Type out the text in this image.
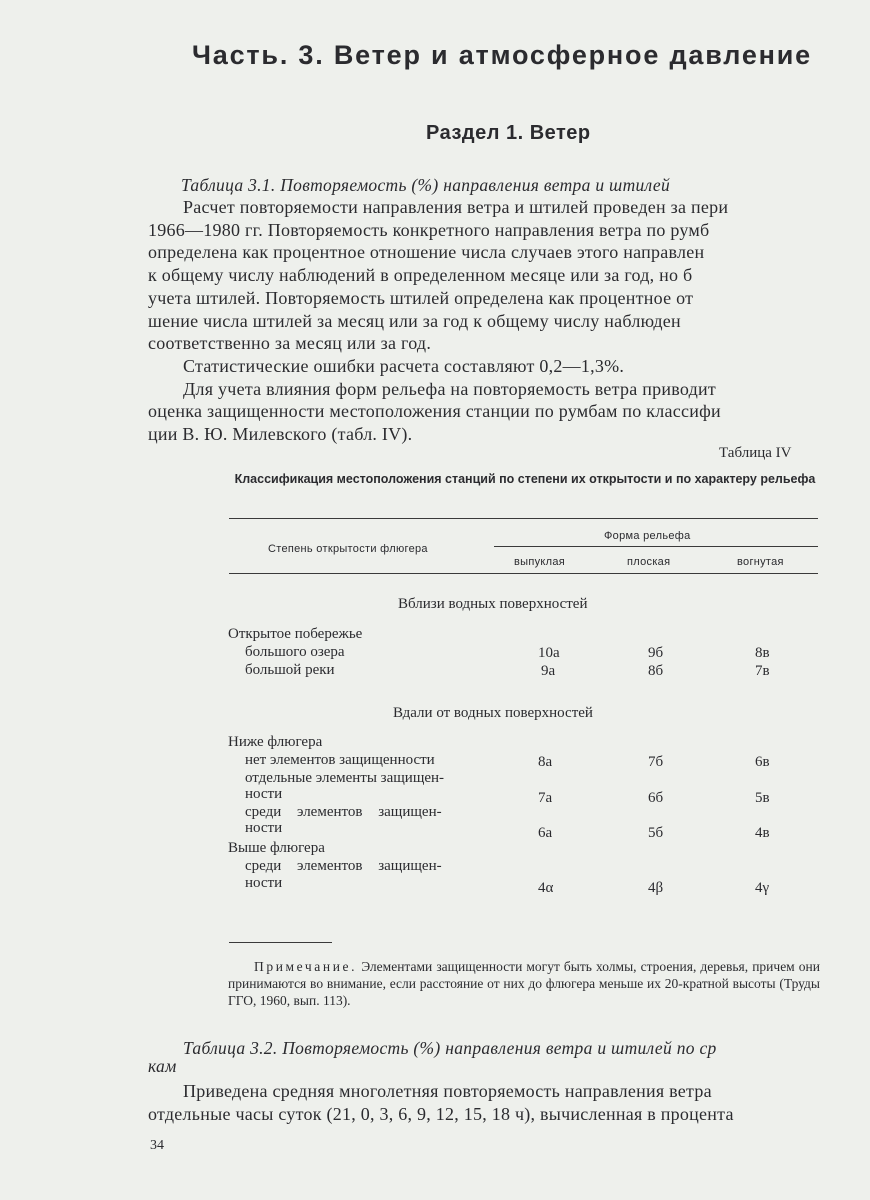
Часть. 3. Ветер и атмосферное давление
Раздел 1. Ветер
Таблица 3.1. Повторяемость (%) направления ветра и штилей
Расчет повторяемости направления ветра и штилей проведен за пери
1966—1980 гг. Повторяемость конкретного направления ветра по румб
определена как процентное отношение числа случаев этого направлен
к общему числу наблюдений в определенном месяце или за год, но б
учета штилей. Повторяемость штилей определена как процентное от
шение числа штилей за месяц или за год к общему числу наблюден
соответственно за месяц или за год.
Статистические ошибки расчета составляют 0,2—1,3%.
Для учета влияния форм рельефа на повторяемость ветра приводит
оценка защищенности местоположения станции по румбам по классифи
ции В. Ю. Милевского (табл. IV).
Таблица IV
Классификация местоположения станций по степени их открытости и по характеру рельефа
Степень открытости флюгера
Форма рельефа
выпуклая	плоская	вогнутая
Вблизи водных поверхностей
Открытое побережье
большого озера	10а	9б	8в
большой реки	9а	8б	7в
Вдали от водных поверхностей
Ниже флюгера
нет элементов защищенности	8а	7б	6в
отдельные элементы защищен-
ности	7а	6б	5в
среди элементов защищен-
ности	6а	5б	4в
Выше флюгера
среди элементов защищен-
ности	4α	4β	4γ
Примечание. Элементами защищенности могут быть холмы, строения, деревья, причем они принимаются во внимание, если расстояние от них до флюгера меньше их 20-кратной высоты (Труды ГГО, 1960, вып. 113).
Таблица 3.2. Повторяемость (%) направления ветра и штилей по ср
кам
Приведена средняя многолетняя повторяемость направления ветра
отдельные часы суток (21, 0, 3, 6, 9, 12, 15, 18 ч), вычисленная в процента
34
